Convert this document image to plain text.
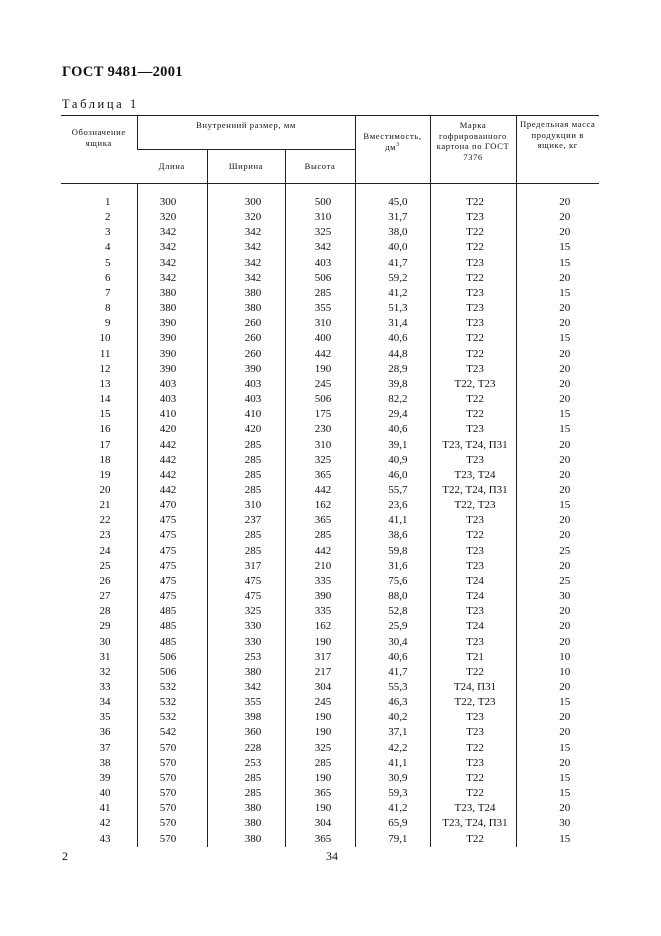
ГОСТ 9481—2001
Таблица 1
Обозначение ящика	Внутренний размер, мм			Вместимость, $дм^3$	Марка гофрированного картона по ГОСТ 7376	Предельная масса продукции в ящике, кг
	Длина	Ширина	Высота			

1	300	300	500	45,0	Т22	20
2	320	320	310	31,7	Т23	20
3	342	342	325	38,0	Т22	20
4	342	342	342	40,0	Т22	15
5	342	342	403	41,7	Т23	15
6	342	342	506	59,2	Т22	20
7	380	380	285	41,2	Т23	15
8	380	380	355	51,3	Т23	20
9	390	260	310	31,4	Т23	20
10	390	260	400	40,6	Т22	15
11	390	260	442	44,8	Т22	20
12	390	390	190	28,9	Т23	20
13	403	403	245	39,8	Т22, Т23	20
14	403	403	506	82,2	Т22	20
15	410	410	175	29,4	Т22	15
16	420	420	230	40,6	Т23	15
17	442	285	310	39,1	Т23, Т24, П31	20
18	442	285	325	40,9	Т23	20
19	442	285	365	46,0	Т23, Т24	20
20	442	285	442	55,7	Т22, Т24, П31	20
21	470	310	162	23,6	Т22, Т23	15
22	475	237	365	41,1	Т23	20
23	475	285	285	38,6	Т22	20
24	475	285	442	59,8	Т23	25
25	475	317	210	31,6	Т23	20
26	475	475	335	75,6	Т24	25
27	475	475	390	88,0	Т24	30
28	485	325	335	52,8	Т23	20
29	485	330	162	25,9	Т24	20
30	485	330	190	30,4	Т23	20
31	506	253	317	40,6	Т21	10
32	506	380	217	41,7	Т22	10
33	532	342	304	55,3	Т24, П31	20
34	532	355	245	46,3	Т22, Т23	15
35	532	398	190	40,2	Т23	20
36	542	360	190	37,1	Т23	20
37	570	228	325	42,2	Т22	15
38	570	253	285	41,1	Т23	20
39	570	285	190	30,9	Т22	15
40	570	285	365	59,3	Т22	15
41	570	380	190	41,2	Т23, Т24	20
42	570	380	304	65,9	Т23, Т24, П31	30
43	570	380	365	79,1	Т22	15
2	34
